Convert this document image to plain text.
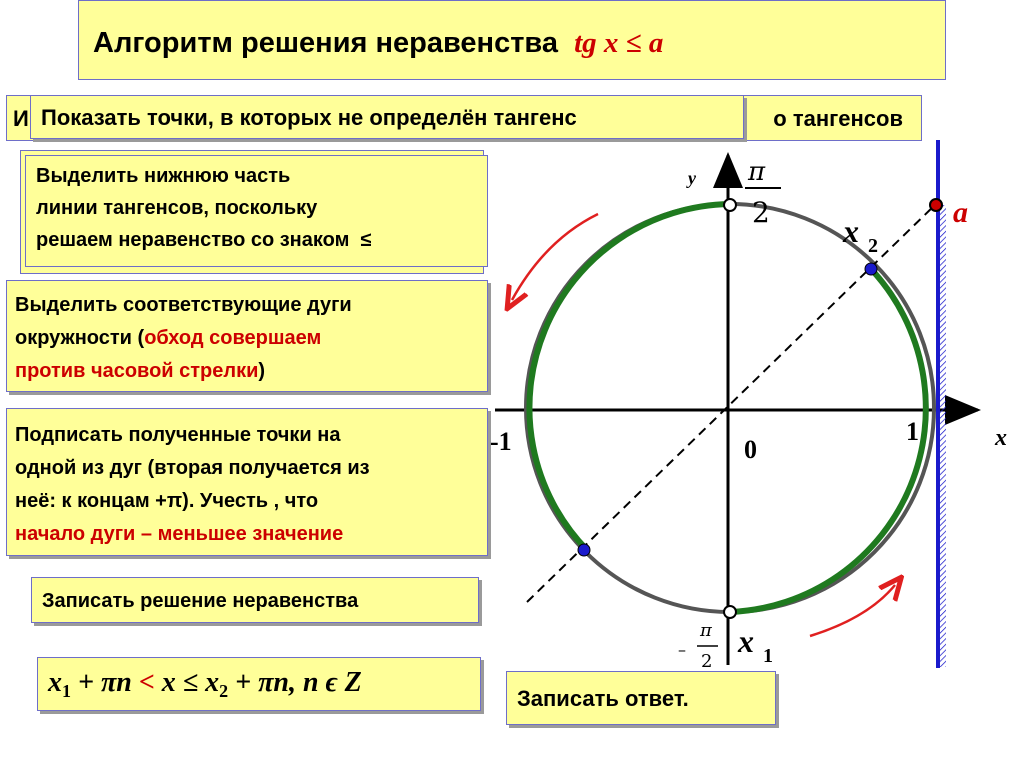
Алгоритм решения неравенства tg x ≤ a
И	о тангенсов
Показать точки, в которых не определён тангенс
Выделить нижнюю часть
линии тангенсов, поскольку
решаем неравенство со знаком ≤
Выделить соответствующие дуги
окружности (обход совершаем
против часовой стрелки)
Подписать полученные точки на
одной из дуг (вторая получается из
неё: к концам +π). Учесть , что
начало дуги – меньшее значение
Записать решение неравенства
$x_1 + \pi n < x \le x_2 + \pi n$, n ϵ Z
Записать ответ.
y
x
-1	0
1
π
2
–
π
2
x 2
x 1
a
